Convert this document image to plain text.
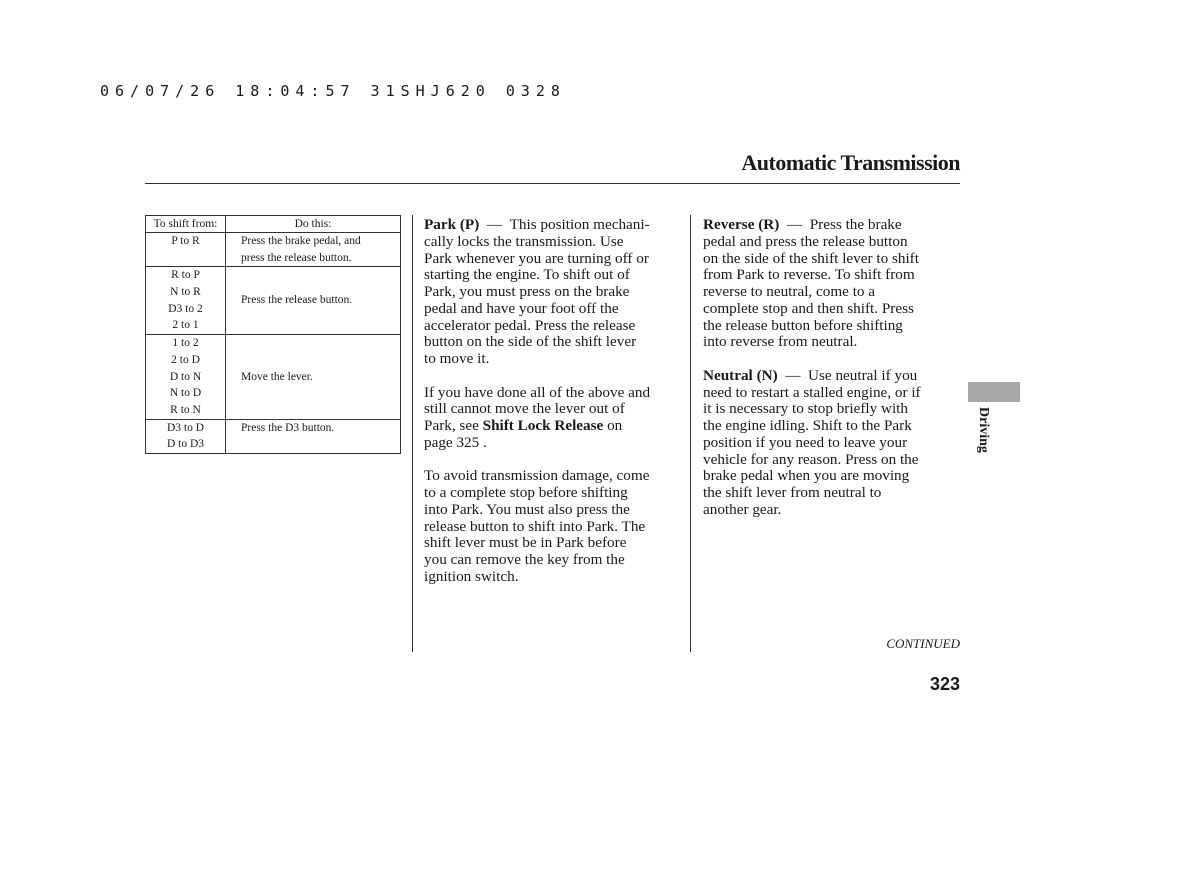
06/07/26 18:04:57 31SHJ620 0328
Automatic Transmission
To shift from:	Do this:

P to R	Press the brake pedal, and
press the release button.

R to P
N to R
D3 to 2
2 to 1	Press the release button.

1 to 2
2 to D
D to N
N to D
R to N	Move the lever.

D3 to D
D to D3	Press the D3 button.

Park (P) — This position mechani-
cally locks the transmission. Use
Park whenever you are turning off or
starting the engine. To shift out of
Park, you must press on the brake
pedal and have your foot off the
accelerator pedal. Press the release
button on the side of the shift lever
to move it.

If you have done all of the above and
still cannot move the lever out of
Park, see Shift Lock Release on
page 325 .

To avoid transmission damage, come
to a complete stop before shifting
into Park. You must also press the
release button to shift into Park. The
shift lever must be in Park before
you can remove the key from the
ignition switch.

Reverse (R) — Press the brake
pedal and press the release button
on the side of the shift lever to shift
from Park to reverse. To shift from
reverse to neutral, come to a
complete stop and then shift. Press
the release button before shifting
into reverse from neutral.

Neutral (N) — Use neutral if you
need to restart a stalled engine, or if
it is necessary to stop briefly with
the engine idling. Shift to the Park
position if you need to leave your
vehicle for any reason. Press on the
brake pedal when you are moving
the shift lever from neutral to
another gear.

Driving
CONTINUED
323
